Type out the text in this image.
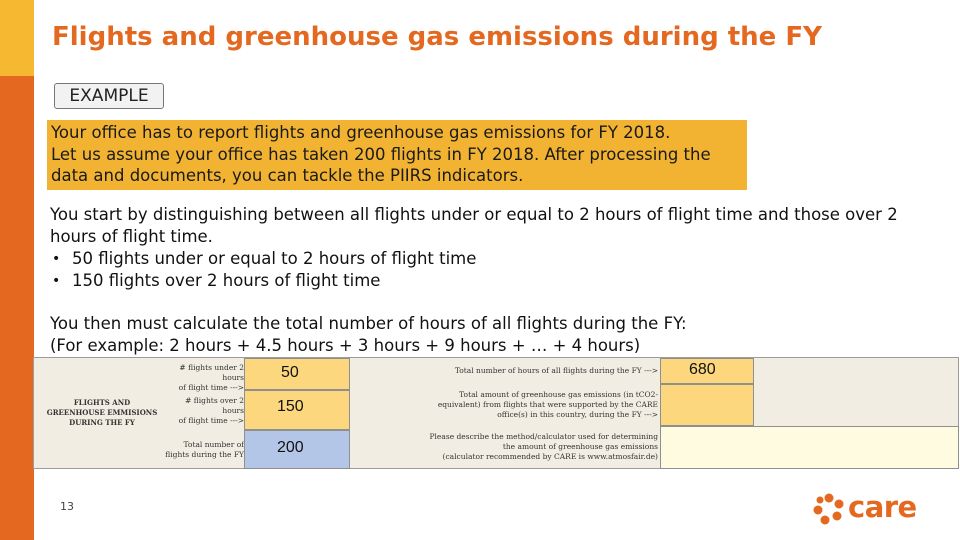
Flights and greenhouse gas emissions during the FY
EXAMPLE
Your office has to report flights and greenhouse gas emissions for FY 2018.
Let us assume your office has taken 200 flights in FY 2018. After processing the
data and documents, you can tackle the PIIRS indicators.
You start by distinguishing between all flights under or equal to 2 hours of flight time and those over 2 hours of flight time.
• 50 flights under or equal to 2 hours of flight time
• 150 flights over 2 hours of flight time
You then must calculate the total number of hours of all flights during the FY:
(For example: 2 hours + 4.5 hours + 3 hours + 9 hours + … + 4 hours)
FLIGHTS AND
GREENHOUSE EMMISIONS
DURING THE FY
# flights under 2 hours
of flight time --->
# flights over 2 hours
of flight time --->
Total number of
flights during the FY
50
150
200
Total number of hours of all flights during the FY --->
Total amount of greenhouse gas emissions (in tCO2-
equivalent) from flights that were supported by the CARE
office(s) in this country, during the FY --->
Please describe the method/calculator used for determining
the amount of greenhouse gas emissions
(calculator recommended by CARE is www.atmosfair.de)
680
13	care
